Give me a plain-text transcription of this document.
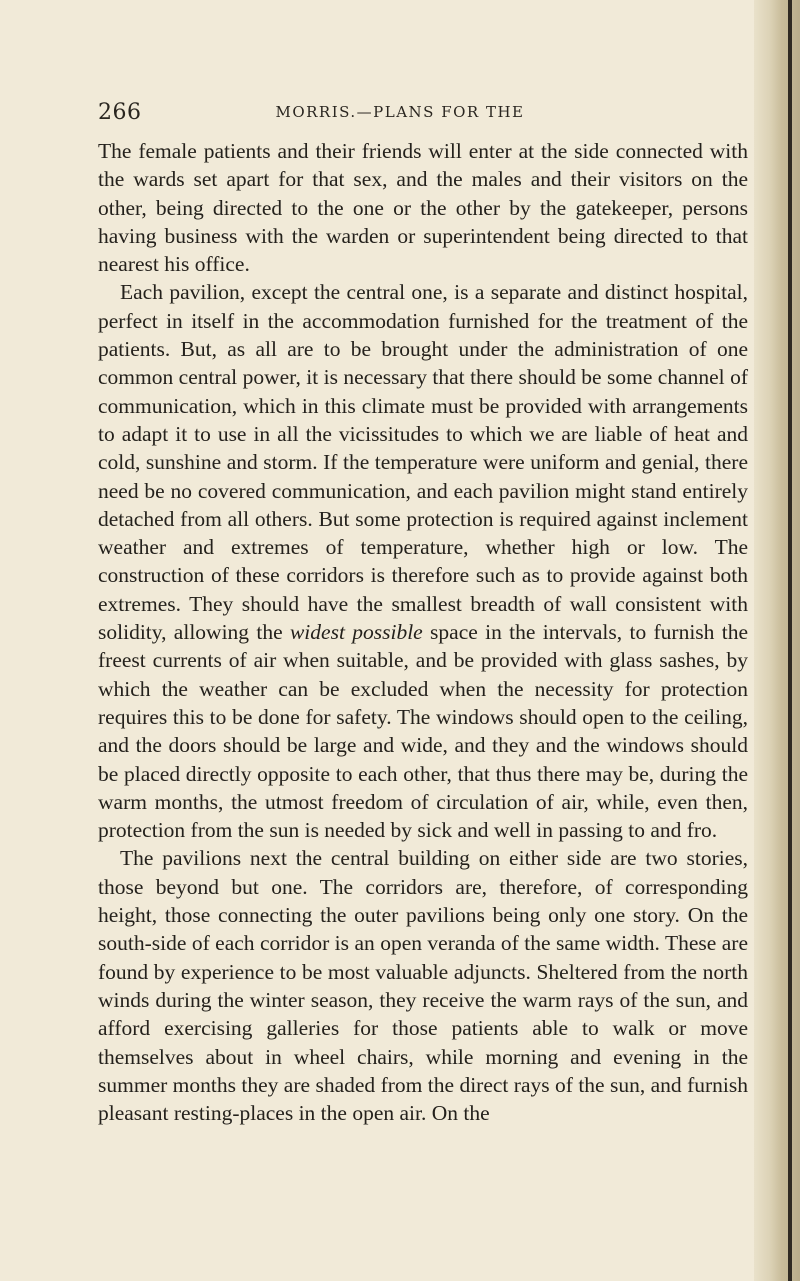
266	MORRIS.—PLANS FOR THE

The female patients and their friends will enter at the side connected with the wards set apart for that sex, and the males and their visitors on the other, being directed to the one or the other by the gatekeeper, persons having business with the warden or superintendent being directed to that nearest his office.

Each pavilion, except the central one, is a separate and distinct hospital, perfect in itself in the accommodation furnished for the treatment of the patients. But, as all are to be brought under the administration of one common central power, it is necessary that there should be some channel of communication, which in this climate must be provided with arrangements to adapt it to use in all the vicissitudes to which we are liable of heat and cold, sunshine and storm. If the temperature were uniform and genial, there need be no covered communication, and each pavilion might stand entirely detached from all others. But some protection is required against inclement weather and extremes of temperature, whether high or low. The construction of these corridors is therefore such as to provide against both extremes. They should have the smallest breadth of wall consistent with solidity, allowing the widest possible space in the intervals, to furnish the freest currents of air when suitable, and be provided with glass sashes, by which the weather can be excluded when the necessity for protection requires this to be done for safety. The windows should open to the ceiling, and the doors should be large and wide, and they and the windows should be placed directly opposite to each other, that thus there may be, during the warm months, the utmost freedom of circulation of air, while, even then, protection from the sun is needed by sick and well in passing to and fro.

The pavilions next the central building on either side are two stories, those beyond but one. The corridors are, therefore, of corresponding height, those connecting the outer pavilions being only one story. On the south-side of each corridor is an open veranda of the same width. These are found by experience to be most valuable adjuncts. Sheltered from the north winds during the winter season, they receive the warm rays of the sun, and afford exercising galleries for those patients able to walk or move themselves about in wheel chairs, while morning and evening in the summer months they are shaded from the direct rays of the sun, and furnish pleasant resting-places in the open air. On the
